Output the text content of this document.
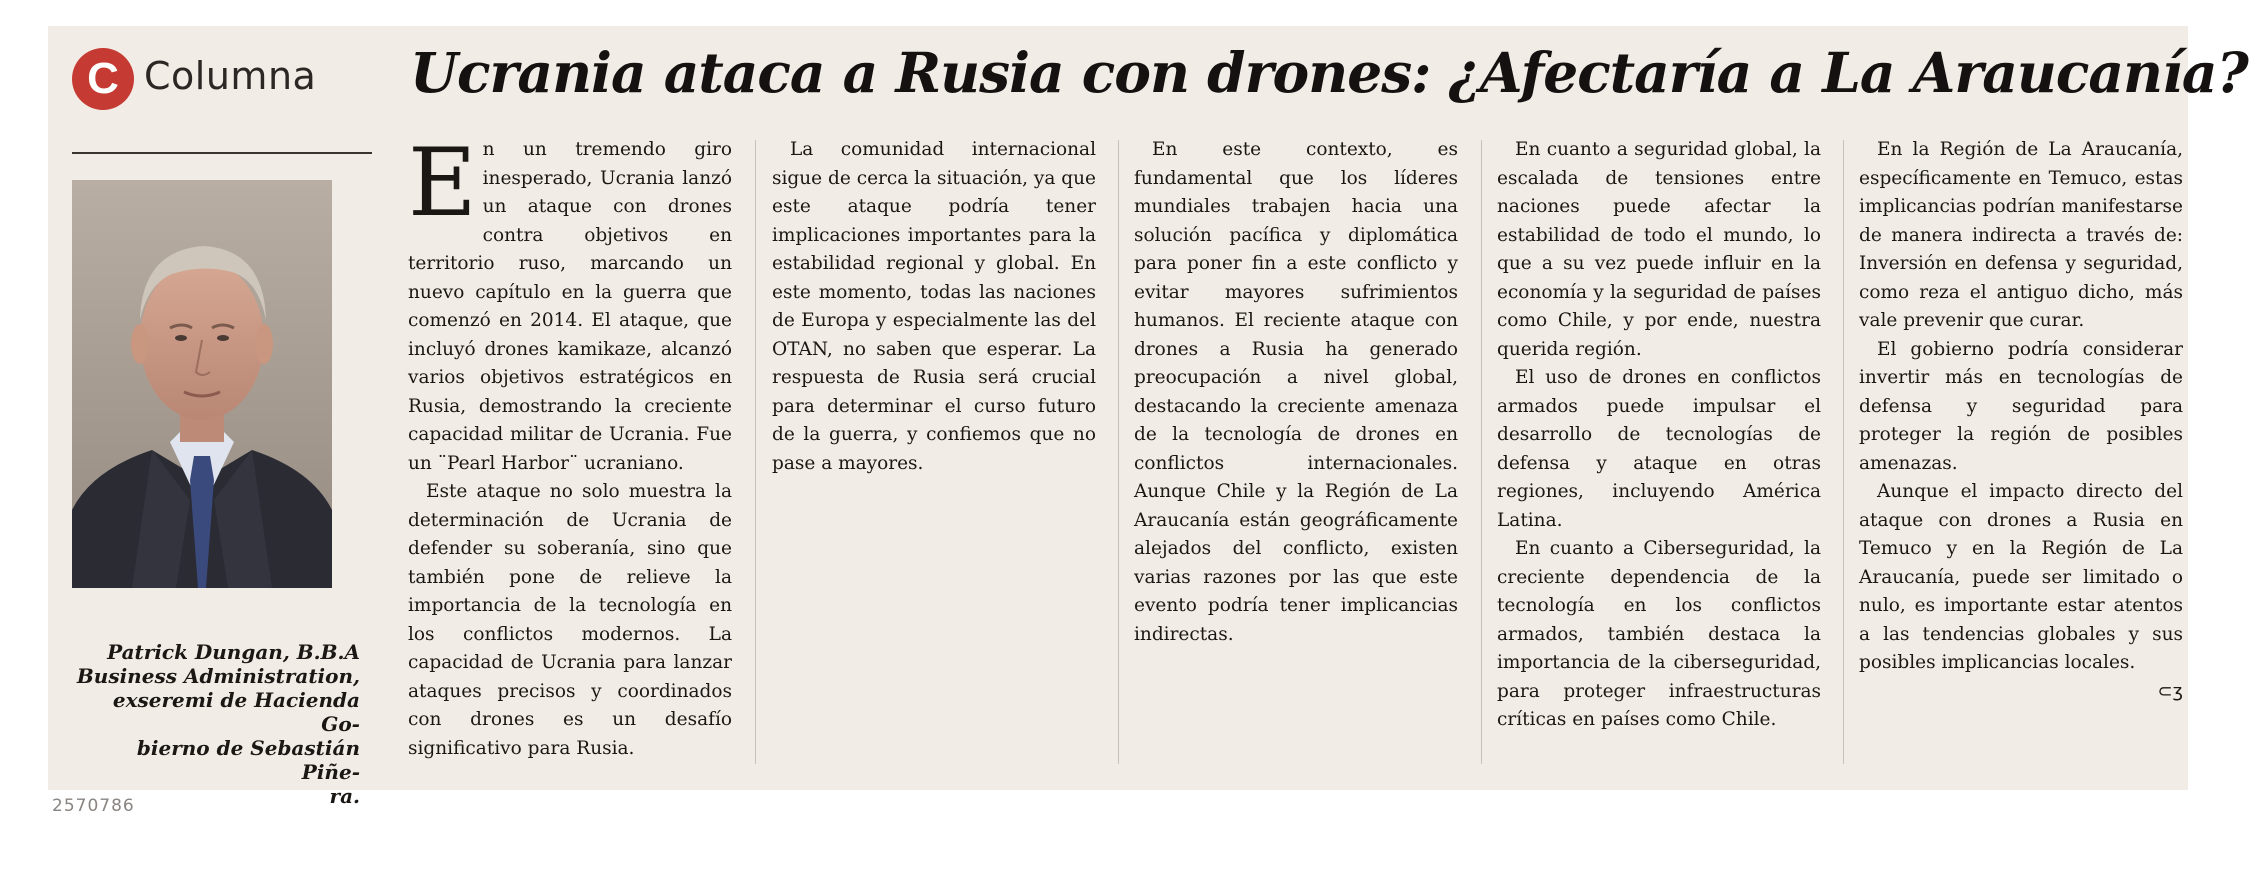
C Columna Ucrania ataca a Rusia con drones: ¿Afectaría a La Araucanía?
Patrick Dungan, B.B.A
Business Administration,
exseremi de Hacienda Go-
bierno de Sebastián Piñe-
ra.
E n un tremendo giro inesperado, Ucrania lanzó un ataque con drones contra objetivos en territorio ruso, marcando un nuevo capítulo en la guerra que comenzó en 2014. El ataque, que incluyó drones kamikaze, alcanzó varios objetivos estratégicos en Rusia, demostrando la creciente capacidad militar de Ucrania. Fue un ¨Pearl Harbor¨ ucraniano.

Este ataque no solo muestra la determinación de Ucrania de defender su soberanía, sino que también pone de relieve la importancia de la tecnología en los conflictos modernos. La capacidad de Ucrania para lanzar ataques precisos y coordinados con drones es un desafío significativo para Rusia.

La comunidad internacional sigue de cerca la situación, ya que este ataque podría tener implicaciones importantes para la estabilidad regional y global. En este momento, todas las naciones de Europa y especialmente las del OTAN, no saben que esperar. La respuesta de Rusia será crucial para determinar el curso futuro de la guerra, y confiemos que no pase a mayores.

En este contexto, es fundamental que los líderes mundiales trabajen hacia una solución pacífica y diplomática para poner fin a este conflicto y evitar mayores sufrimientos humanos. El reciente ataque con drones a Rusia ha generado preocupación a nivel global, destacando la creciente amenaza de la tecnología de drones en conflictos internacionales. Aunque Chile y la Región de La Araucanía están geográficamente alejados del conflicto, existen varias razones por las que este evento podría tener implicancias indirectas.

En cuanto a seguridad global, la escalada de tensiones entre naciones puede afectar la estabilidad de todo el mundo, lo que a su vez puede influir en la economía y la seguridad de países como Chile, y por ende, nuestra querida región.

El uso de drones en conflictos armados puede impulsar el desarrollo de tecnologías de defensa y ataque en otras regiones, incluyendo América Latina.

En cuanto a Ciberseguridad, la creciente dependencia de la tecnología en los conflictos armados, también destaca la importancia de la ciberseguridad, para proteger infraestructuras críticas en países como Chile.

En la Región de La Araucanía, específicamente en Temuco, estas implicancias podrían manifestarse de manera indirecta a través de: Inversión en defensa y seguridad, como reza el antiguo dicho, más vale prevenir que curar.

El gobierno podría considerar invertir más en tecnologías de defensa y seguridad para proteger la región de posibles amenazas.

Aunque el impacto directo del ataque con drones a Rusia en Temuco y en la Región de La Araucanía, puede ser limitado o nulo, es importante estar atentos a las tendencias globales y sus posibles implicancias locales.

⊂ʒ
2570786
